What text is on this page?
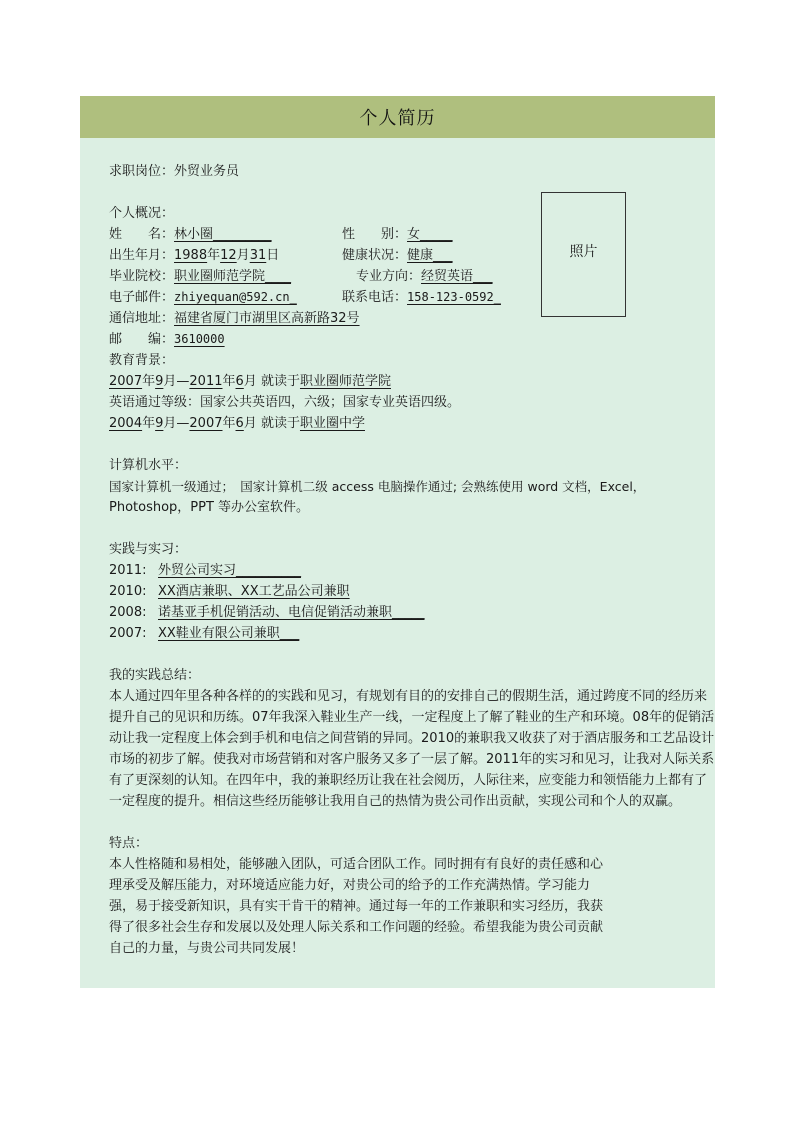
个人简历
照片
求职岗位：外贸业务员
个人概况：
姓　　名：林小圈_________	性　　别：女_____
出生年月：1988年12月31日	健康状况：健康___
毕业院校：职业圈师范学院____	专业方向：经贸英语___
电子邮件：zhiyequan@592.cn_	联系电话：158-123-0592_
通信地址：福建省厦门市湖里区高新路32号
邮　　编：3610000
教育背景：
2007年9月—2011年6月 就读于职业圈师范学院
英语通过等级：国家公共英语四，六级；国家专业英语四级。
2004年9月—2007年6月 就读于职业圈中学
计算机水平：
国家计算机一级通过；　国家计算机二级 access 电脑操作通过; 会熟练使用 word 文档，Excel，
Photoshop，PPT 等办公室软件。
实践与实习：
2011: 外贸公司实习__________
2010: XX酒店兼职、XX工艺品公司兼职
2008: 诺基亚手机促销活动、电信促销活动兼职_____
2007: XX鞋业有限公司兼职___
我的实践总结：
本人通过四年里各种各样的的实践和见习，有规划有目的的安排自己的假期生活，通过跨度不同的经历来提升自己的见识和历练。07年我深入鞋业生产一线，一定程度上了解了鞋业的生产和环境。08年的促销活动让我一定程度上体会到手机和电信之间营销的异同。2010的兼职我又收获了对于酒店服务和工艺品设计市场的初步了解。使我对市场营销和对客户服务又多了一层了解。2011年的实习和见习，让我对人际关系有了更深刻的认知。在四年中，我的兼职经历让我在社会阅历，人际往来，应变能力和领悟能力上都有了一定程度的提升。相信这些经历能够让我用自己的热情为贵公司作出贡献，实现公司和个人的双赢。
特点：
本人性格随和易相处，能够融入团队，可适合团队工作。同时拥有有良好的责任感和心理承受及解压能力，对环境适应能力好，对贵公司的给予的工作充满热情。学习能力强，易于接受新知识，具有实干肯干的精神。通过每一年的工作兼职和实习经历，我获得了很多社会生存和发展以及处理人际关系和工作问题的经验。希望我能为贵公司贡献自己的力量，与贵公司共同发展！
